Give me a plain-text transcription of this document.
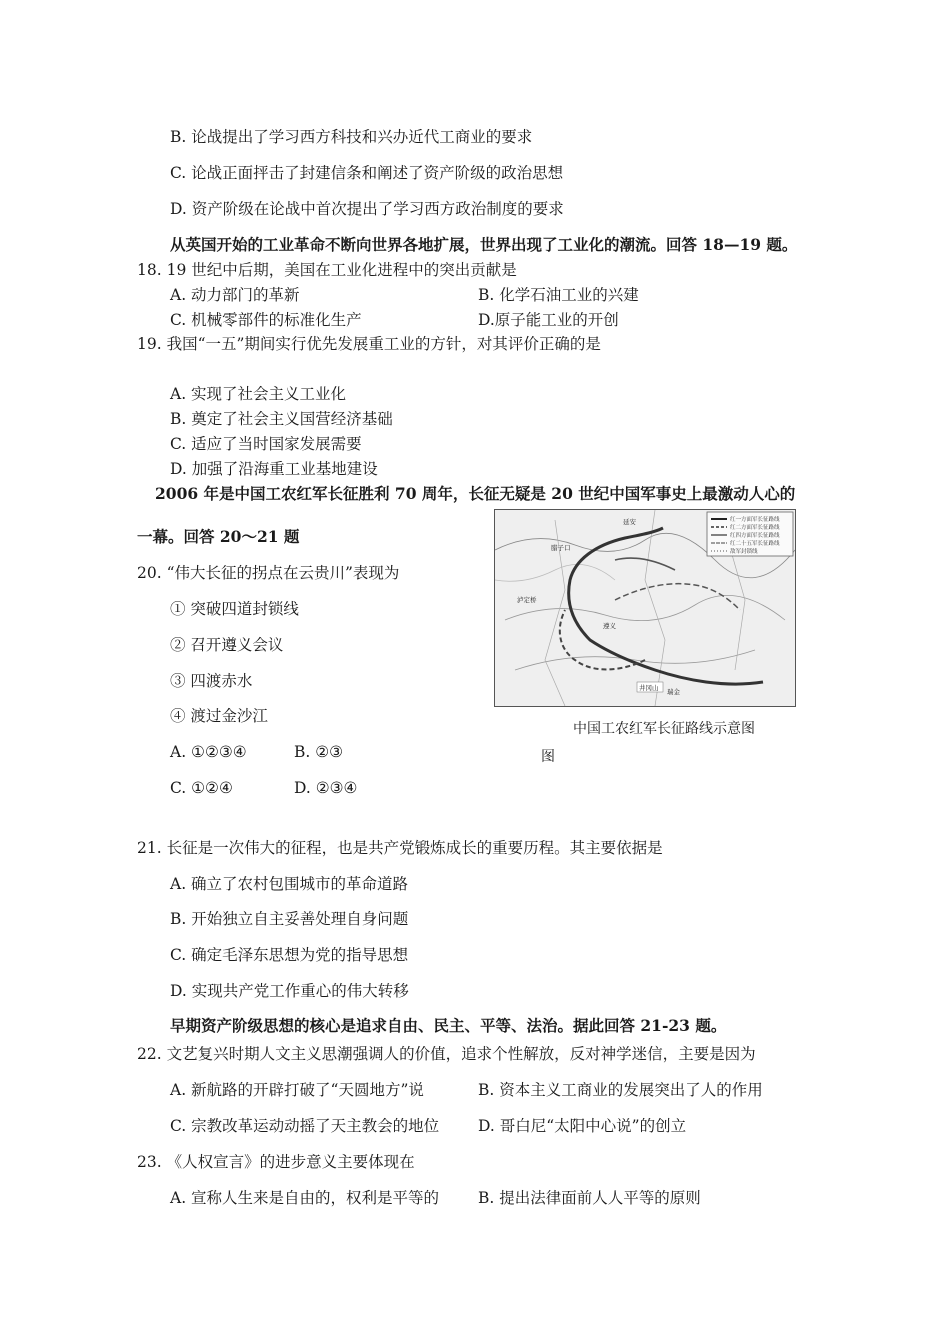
B. 论战提出了学习西方科技和兴办近代工商业的要求
C. 论战正面抨击了封建信条和阐述了资产阶级的政治思想
D. 资产阶级在论战中首次提出了学习西方政治制度的要求
从英国开始的工业革命不断向世界各地扩展，世界出现了工业化的潮流。回答 18—19 题。
18. 19 世纪中后期，美国在工业化进程中的突出贡献是
A. 动力部门的革新	B. 化学石油工业的兴建
C. 机械零部件的标准化生产	D.原子能工业的开创
19. 我国“一五”期间实行优先发展重工业的方针，对其评价正确的是
A. 实现了社会主义工业化
B. 奠定了社会主义国营经济基础
C. 适应了当时国家发展需要
D. 加强了沿海重工业基地建设
2006 年是中国工农红军长征胜利 70 周年，长征无疑是 20 世纪中国军事史上最激动人心的
一幕。回答 20～21 题
20. “伟大长征的拐点在云贵川”表现为
① 突破四道封锁线
② 召开遵义会议
③ 四渡赤水
④ 渡过金沙江
A. ①②③④	B. ②③
C. ①②④	D. ②③④
红一方面军长征路线
红二方面军长征路线
红四方面军长征路线
红二十五军长征路线
敌军封锁线
井冈山 瑞金
遵义
泸定桥
延安
腊子口
中国工农红军长征路线示意图
图
21. 长征是一次伟大的征程，也是共产党锻炼成长的重要历程。其主要依据是
A. 确立了农村包围城市的革命道路
B. 开始独立自主妥善处理自身问题
C. 确定毛泽东思想为党的指导思想
D. 实现共产党工作重心的伟大转移
早期资产阶级思想的核心是追求自由、民主、平等、法治。据此回答 21-23 题。
22. 文艺复兴时期人文主义思潮强调人的价值，追求个性解放，反对神学迷信，主要是因为
A. 新航路的开辟打破了“天圆地方”说	B. 资本主义工商业的发展突出了人的作用
C. 宗教改革运动动摇了天主教会的地位	D. 哥白尼“太阳中心说”的创立
23. 《人权宣言》的进步意义主要体现在
A. 宣称人生来是自由的，权利是平等的	B. 提出法律面前人人平等的原则
